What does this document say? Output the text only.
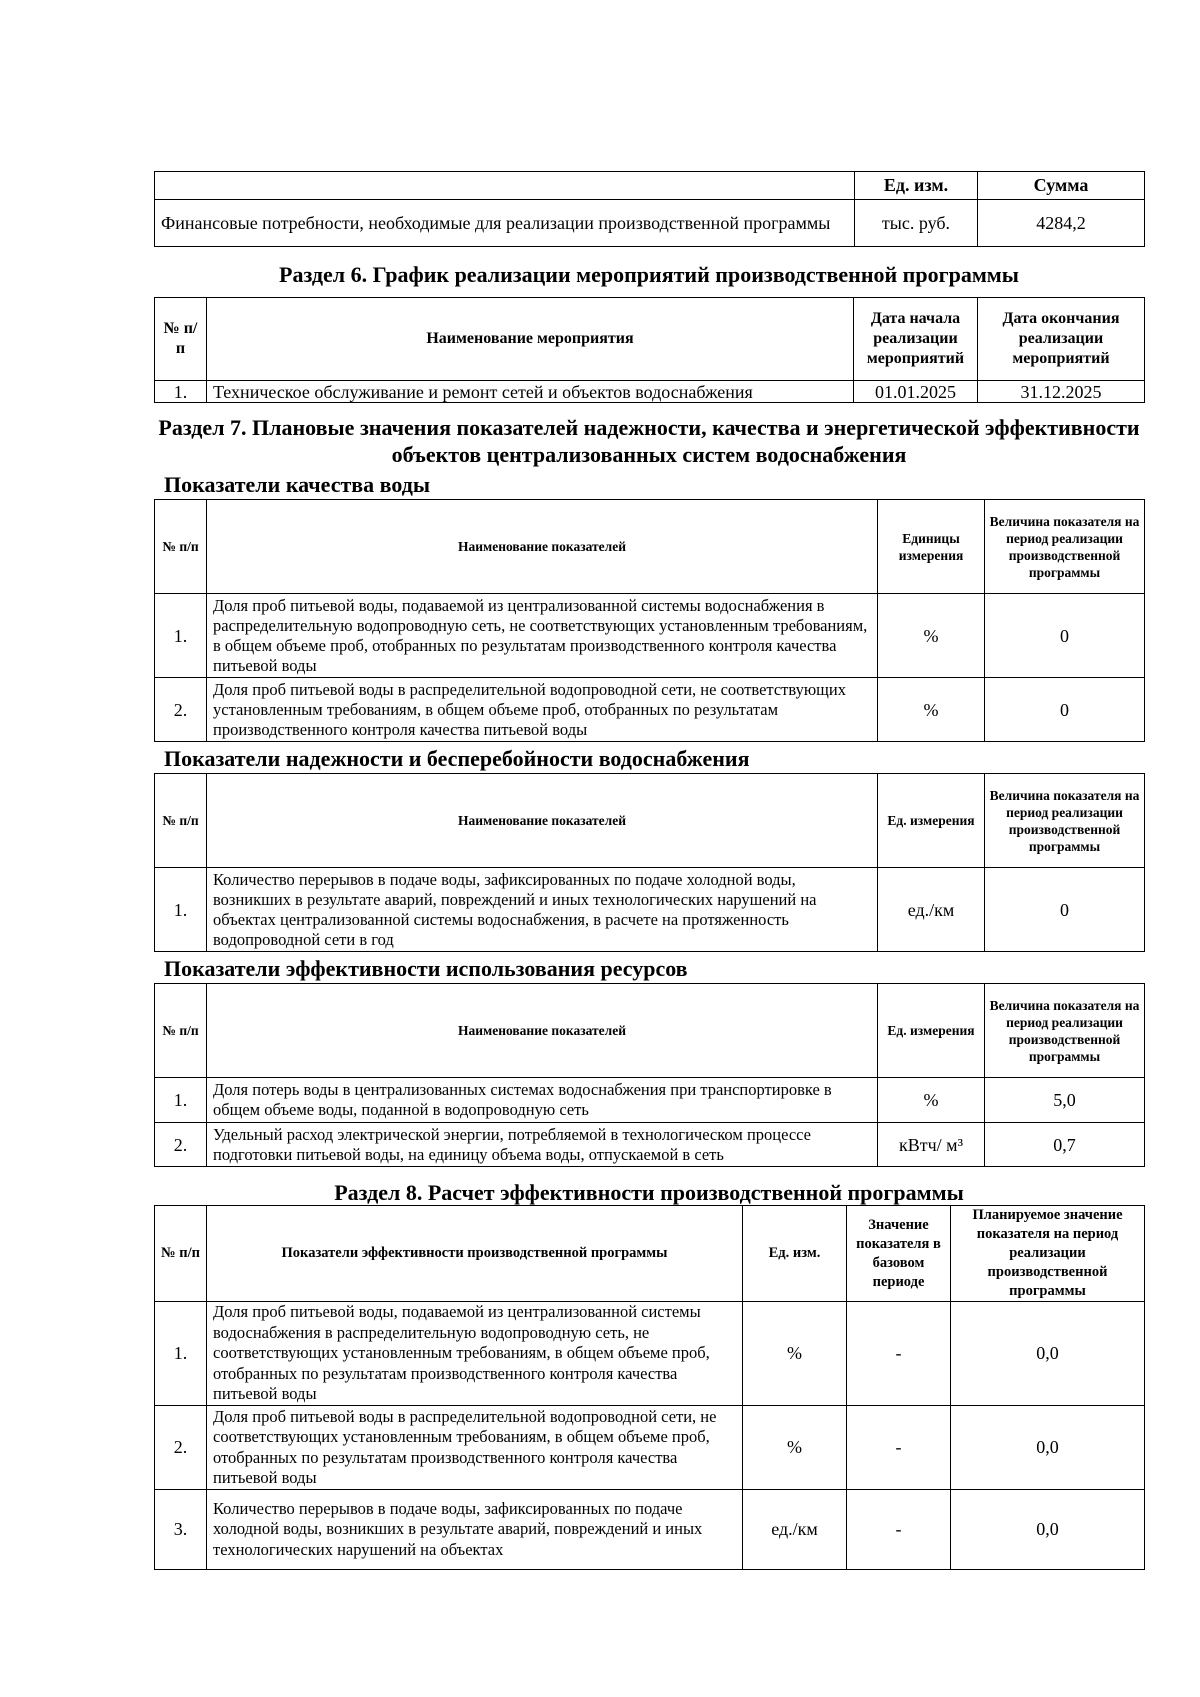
	Ед. изм.	Сумма
Финансовые потребности, необходимые для реализации производственной программы	тыс. руб.	4284,2
Раздел 6. График реализации мероприятий производственной программы
№ п/п	Наименование мероприятия	Дата начала реализации мероприятий	Дата окончания реализации мероприятий
1.	Техническое обслуживание и ремонт сетей и объектов водоснабжения	01.01.2025	31.12.2025
Раздел 7. Плановые значения показателей надежности, качества и энергетической эффективности объектов централизованных систем водоснабжения
Показатели качества воды
№ п/п	Наименование показателей	Единицы измерения	Величина показателя на период реализации производственной программы
1.	Доля проб питьевой воды, подаваемой из централизованной системы водоснабжения в распределительную водопроводную сеть, не соответствующих установленным требованиям, в общем объеме проб, отобранных по результатам производственного контроля качества питьевой воды	%	0
2.	Доля проб питьевой воды в распределительной водопроводной сети, не соответствующих установленным требованиям, в общем объеме проб, отобранных по результатам производственного контроля качества питьевой воды	%	0
Показатели надежности и бесперебойности водоснабжения
№ п/п	Наименование показателей	Ед. измерения	Величина показателя на период реализации производственной программы
1.	Количество перерывов в подаче воды, зафиксированных по подаче холодной воды, возникших в результате аварий, повреждений и иных технологических нарушений на объектах централизованной системы водоснабжения, в расчете на протяженность водопроводной сети в год	ед./км	0
Показатели эффективности использования ресурсов
№ п/п	Наименование показателей	Ед. измерения	Величина показателя на период реализации производственной программы
1.	Доля потерь воды в централизованных системах водоснабжения при транспортировке в общем объеме воды, поданной в водопроводную сеть	%	5,0
2.	Удельный расход электрической энергии, потребляемой в технологическом процессе подготовки питьевой воды, на единицу объема воды, отпускаемой в сеть	кВтч/ м³	0,7
Раздел 8. Расчет эффективности производственной программы
№ п/п	Показатели эффективности производственной программы	Ед. изм.	Значение показателя в базовом периоде	Планируемое значение показателя на период реализации производственной программы
1.	Доля проб питьевой воды, подаваемой из централизованной системы водоснабжения в распределительную водопроводную сеть, не соответствующих установленным требованиям, в общем объеме проб, отобранных по результатам производственного контроля качества питьевой воды	%	-	0,0
2.	Доля проб питьевой воды в распределительной водопроводной сети, не соответствующих установленным требованиям, в общем объеме проб, отобранных по результатам производственного контроля качества питьевой воды	%	-	0,0
3.	Количество перерывов в подаче воды, зафиксированных по подаче холодной воды, возникших в результате аварий, повреждений и иных технологических нарушений на объектах	ед./км	-	0,0
